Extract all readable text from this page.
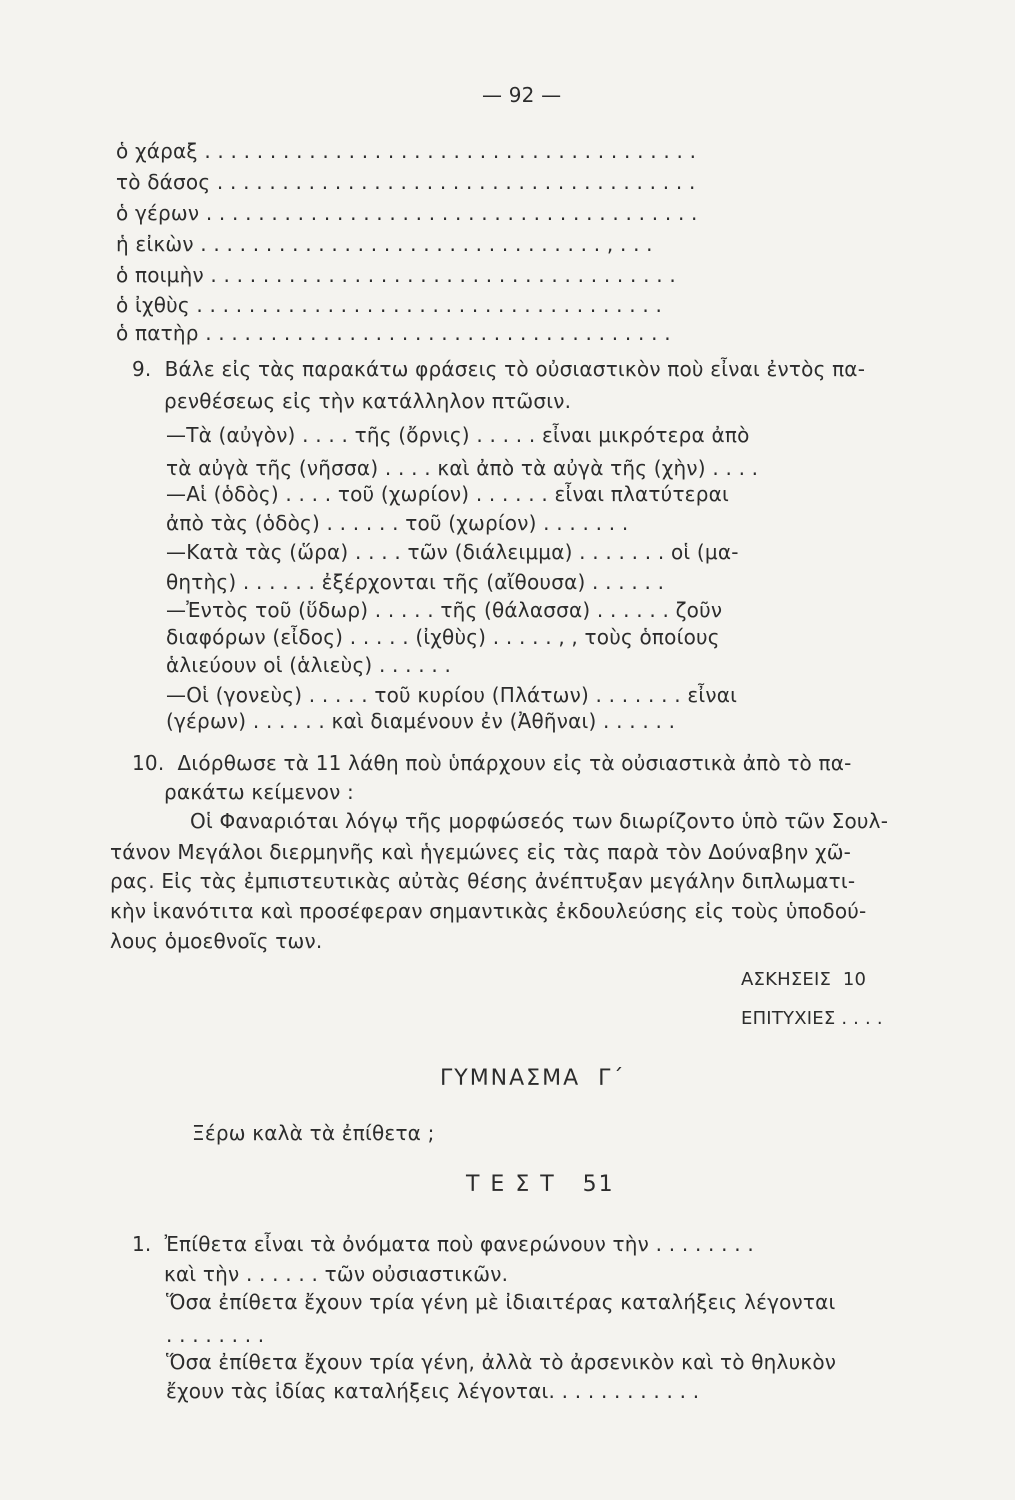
— 92 —
ὁ χάραξ . . . . . . . . . . . . . . . . . . . . . . . . . . . . . . . . . . . . . .
τὸ δάσος . . . . . . . . . . . . . . . . . . . . . . . . . . . . . . . . . . . . .
ὁ γέρων . . . . . . . . . . . . . . . . . . . . . . . . . . . . . . . . . . . . . .
ἡ εἰκὼν . . . . . . . . . . . . . . . . . . . . . . . . . . . . . . . , . . .
ὁ ποιμὴν . . . . . . . . . . . . . . . . . . . . . . . . . . . . . . . . . . . .
ὁ ἰχθὺς . . . . . . . . . . . . . . . . . . . . . . . . . . . . . . . . . . . .
ὁ πατὴρ . . . . . . . . . . . . . . . . . . . . . . . . . . . . . . . . . . . .
9.  Βάλε εἰς τὰς παρακάτω φράσεις τὸ οὐσιαστικὸν ποὺ εἶναι ἐντὸς πα-
ρενθέσεως εἰς τὴν κατάλληλον πτῶσιν.
—Τὰ (αὐγὸν) . . . . τῆς (ὄρνις) . . . . . εἶναι μικρότερα ἀπὸ
τὰ αὐγὰ τῆς (νῆσσα) . . . . καὶ ἀπὸ τὰ αὐγὰ τῆς (χὴν) . . . .
—Αἱ (ὁδὸς) . . . . τοῦ (χωρίον) . . . . . . εἶναι πλατύτεραι
ἀπὸ τὰς (ὁδὸς) . . . . . . τοῦ (χωρίον) . . . . . . .
—Κατὰ τὰς (ὥρα) . . . . τῶν (διάλειμμα) . . . . . . . οἱ (μα-
θητὴς) . . . . . . ἐξέρχονται τῆς (αἴθουσα) . . . . . .
—Ἐντὸς τοῦ (ὕδωρ) . . . . . τῆς (θάλασσα) . . . . . . ζοῦν
διαφόρων (εἶδος) . . . . . (ἰχθὺς) . . . . . , , τοὺς ὁποίους
ἁλιεύουν οἱ (ἁλιεὺς) . . . . . .
—Οἱ (γονεὺς) . . . . . τοῦ κυρίου (Πλάτων) . . . . . . . εἶναι
(γέρων) . . . . . . καὶ διαμένουν ἐν (Ἀθῆναι) . . . . . .
10.  Διόρθωσε τὰ 11 λάθη ποὺ ὑπάρχουν εἰς τὰ οὐσιαστικὰ ἀπὸ τὸ πα-
ρακάτω κείμενον :
Οἱ Φαναριόται λόγῳ τῆς μορφώσεός των διωρίζοντο ὑπὸ τῶν Σουλ-
τάνον Μεγάλοι διερμηνῆς καὶ ἡγεμώνες εἰς τὰς παρὰ τὸν Δούναβην χῶ-
ρας. Εἰς τὰς ἐμπιστευτικὰς αὐτὰς θέσης ἀνέπτυξαν μεγάλην διπλωματι-
κὴν ἱκανότιτα καὶ προσέφεραν σημαντικὰς ἐκδουλεύσης εἰς τοὺς ὑποδού-
λους ὁμοεθνοῖς των.
ΑΣΚΗΣΕΙΣ  10
ΕΠΙΤΥΧΙΕΣ . . . .
ΓΥΜΝΑΣΜΑ  Γ΄
Ξέρω καλὰ τὰ ἐπίθετα ;
Τ Ε Σ Τ   51
1.  Ἐπίθετα εἶναι τὰ ὀνόματα ποὺ φανερώνουν τὴν . . . . . . . .
καὶ τὴν . . . . . . τῶν οὐσιαστικῶν.
Ὅσα ἐπίθετα ἔχουν τρία γένη μὲ ἰδιαιτέρας καταλήξεις λέγονται
. . . . . . . .
Ὅσα ἐπίθετα ἔχουν τρία γένη, ἀλλὰ τὸ ἀρσενικὸν καὶ τὸ θηλυκὸν
ἔχουν τὰς ἰδίας καταλήξεις λέγονται. . . . . . . . . . . .
